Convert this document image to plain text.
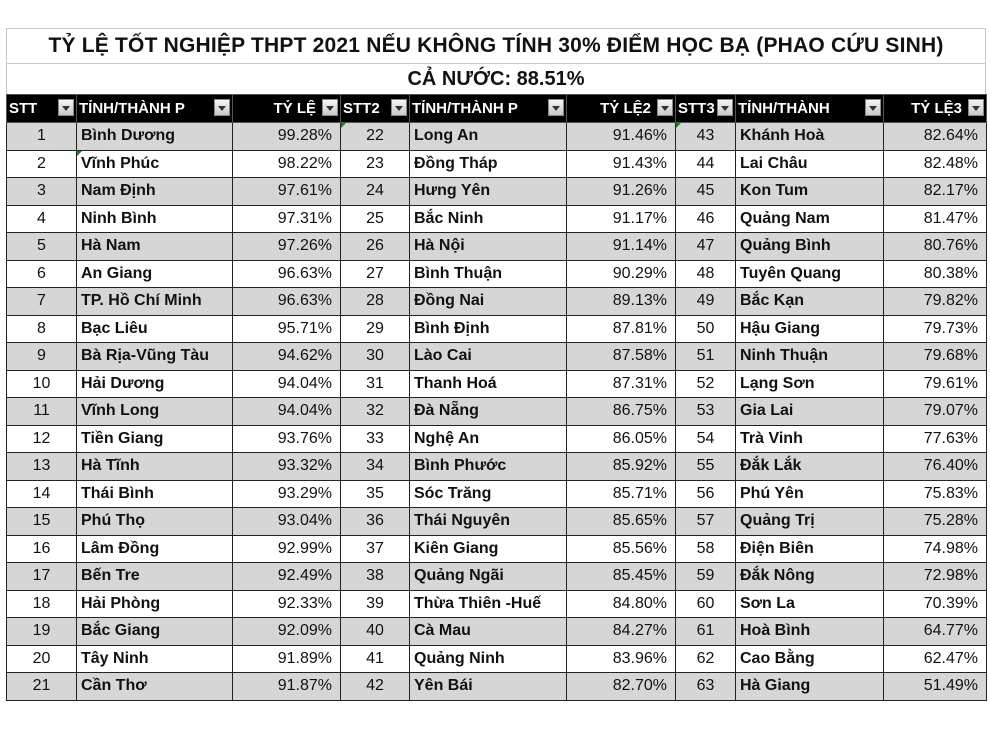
TỶ LỆ TỐT NGHIỆP THPT 2021 NẾU KHÔNG TÍNH 30% ĐIỂM HỌC BẠ (PHAO CỨU SINH)
CẢ NƯỚC: 88.51%
STT	TỈNH/THÀNH P	TỶ LỆ	STT2	TỈNH/THÀNH P	TỶ LỆ2	STT3	TỈNH/THÀNH	TỶ LỆ3

1	Bình Dương	99.28%	22	Long An	91.46%	43	Khánh Hoà	82.64%
2	Vĩnh Phúc	98.22%	23	Đồng Tháp	91.43%	44	Lai Châu	82.48%
3	Nam Định	97.61%	24	Hưng Yên	91.26%	45	Kon Tum	82.17%
4	Ninh Bình	97.31%	25	Bắc Ninh	91.17%	46	Quảng Nam	81.47%
5	Hà Nam	97.26%	26	Hà Nội	91.14%	47	Quảng Bình	80.76%
6	An Giang	96.63%	27	Bình Thuận	90.29%	48	Tuyên Quang	80.38%
7	TP. Hồ Chí Minh	96.63%	28	Đồng Nai	89.13%	49	Bắc Kạn	79.82%
8	Bạc Liêu	95.71%	29	Bình Định	87.81%	50	Hậu Giang	79.73%
9	Bà Rịa-Vũng Tàu	94.62%	30	Lào Cai	87.58%	51	Ninh Thuận	79.68%
10	Hải Dương	94.04%	31	Thanh Hoá	87.31%	52	Lạng Sơn	79.61%
11	Vĩnh Long	94.04%	32	Đà Nẵng	86.75%	53	Gia Lai	79.07%
12	Tiền Giang	93.76%	33	Nghệ An	86.05%	54	Trà Vinh	77.63%
13	Hà Tĩnh	93.32%	34	Bình Phước	85.92%	55	Đắk Lắk	76.40%
14	Thái Bình	93.29%	35	Sóc Trăng	85.71%	56	Phú Yên	75.83%
15	Phú Thọ	93.04%	36	Thái Nguyên	85.65%	57	Quảng Trị	75.28%
16	Lâm Đồng	92.99%	37	Kiên Giang	85.56%	58	Điện Biên	74.98%
17	Bến Tre	92.49%	38	Quảng Ngãi	85.45%	59	Đắk Nông	72.98%
18	Hải Phòng	92.33%	39	Thừa Thiên -Huế	84.80%	60	Sơn La	70.39%
19	Bắc Giang	92.09%	40	Cà Mau	84.27%	61	Hoà Bình	64.77%
20	Tây Ninh	91.89%	41	Quảng Ninh	83.96%	62	Cao Bằng	62.47%
21	Cần Thơ	91.87%	42	Yên Bái	82.70%	63	Hà Giang	51.49%
